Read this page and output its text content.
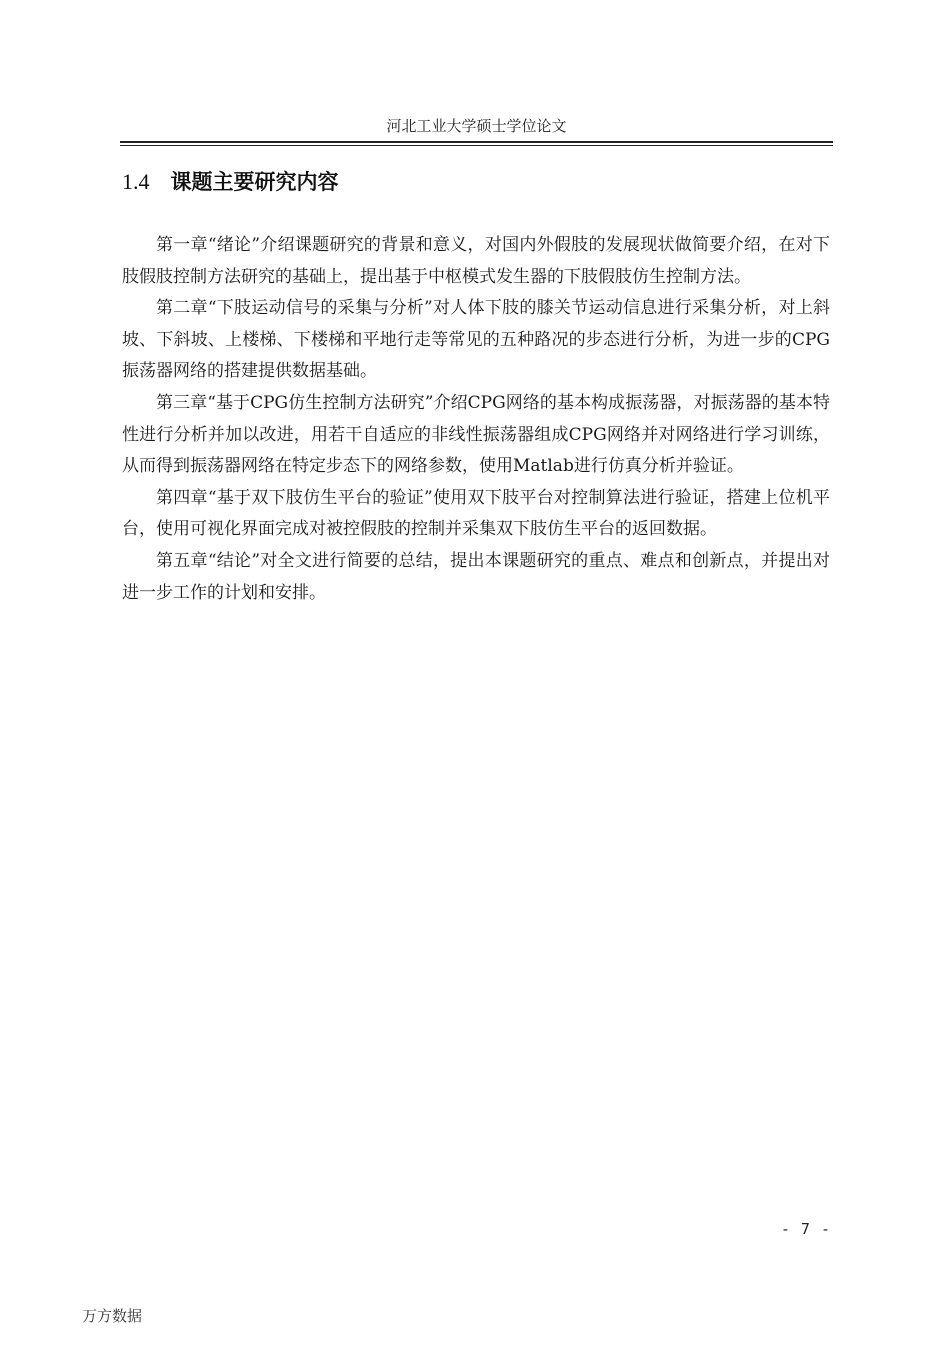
河北工业大学硕士学位论文
1.4 课题主要研究内容

第一章“绪论”介绍课题研究的背景和意义，对国内外假肢的发展现状做简要介绍，在对下肢假肢控制方法研究的基础上，提出基于中枢模式发生器的下肢假肢仿生控制方法。

第二章“下肢运动信号的采集与分析”对人体下肢的膝关节运动信息进行采集分析，对上斜坡、下斜坡、上楼梯、下楼梯和平地行走等常见的五种路况的步态进行分析，为进一步的CPG振荡器网络的搭建提供数据基础。

第三章“基于CPG仿生控制方法研究”介绍CPG网络的基本构成振荡器，对振荡器的基本特性进行分析并加以改进，用若干自适应的非线性振荡器组成CPG网络并对网络进行学习训练，从而得到振荡器网络在特定步态下的网络参数，使用Matlab进行仿真分析并验证。

第四章“基于双下肢仿生平台的验证”使用双下肢平台对控制算法进行验证，搭建上位机平台，使用可视化界面完成对被控假肢的控制并采集双下肢仿生平台的返回数据。

第五章“结论”对全文进行简要的总结，提出本课题研究的重点、难点和创新点，并提出对进一步工作的计划和安排。

- 7 -
万方数据
